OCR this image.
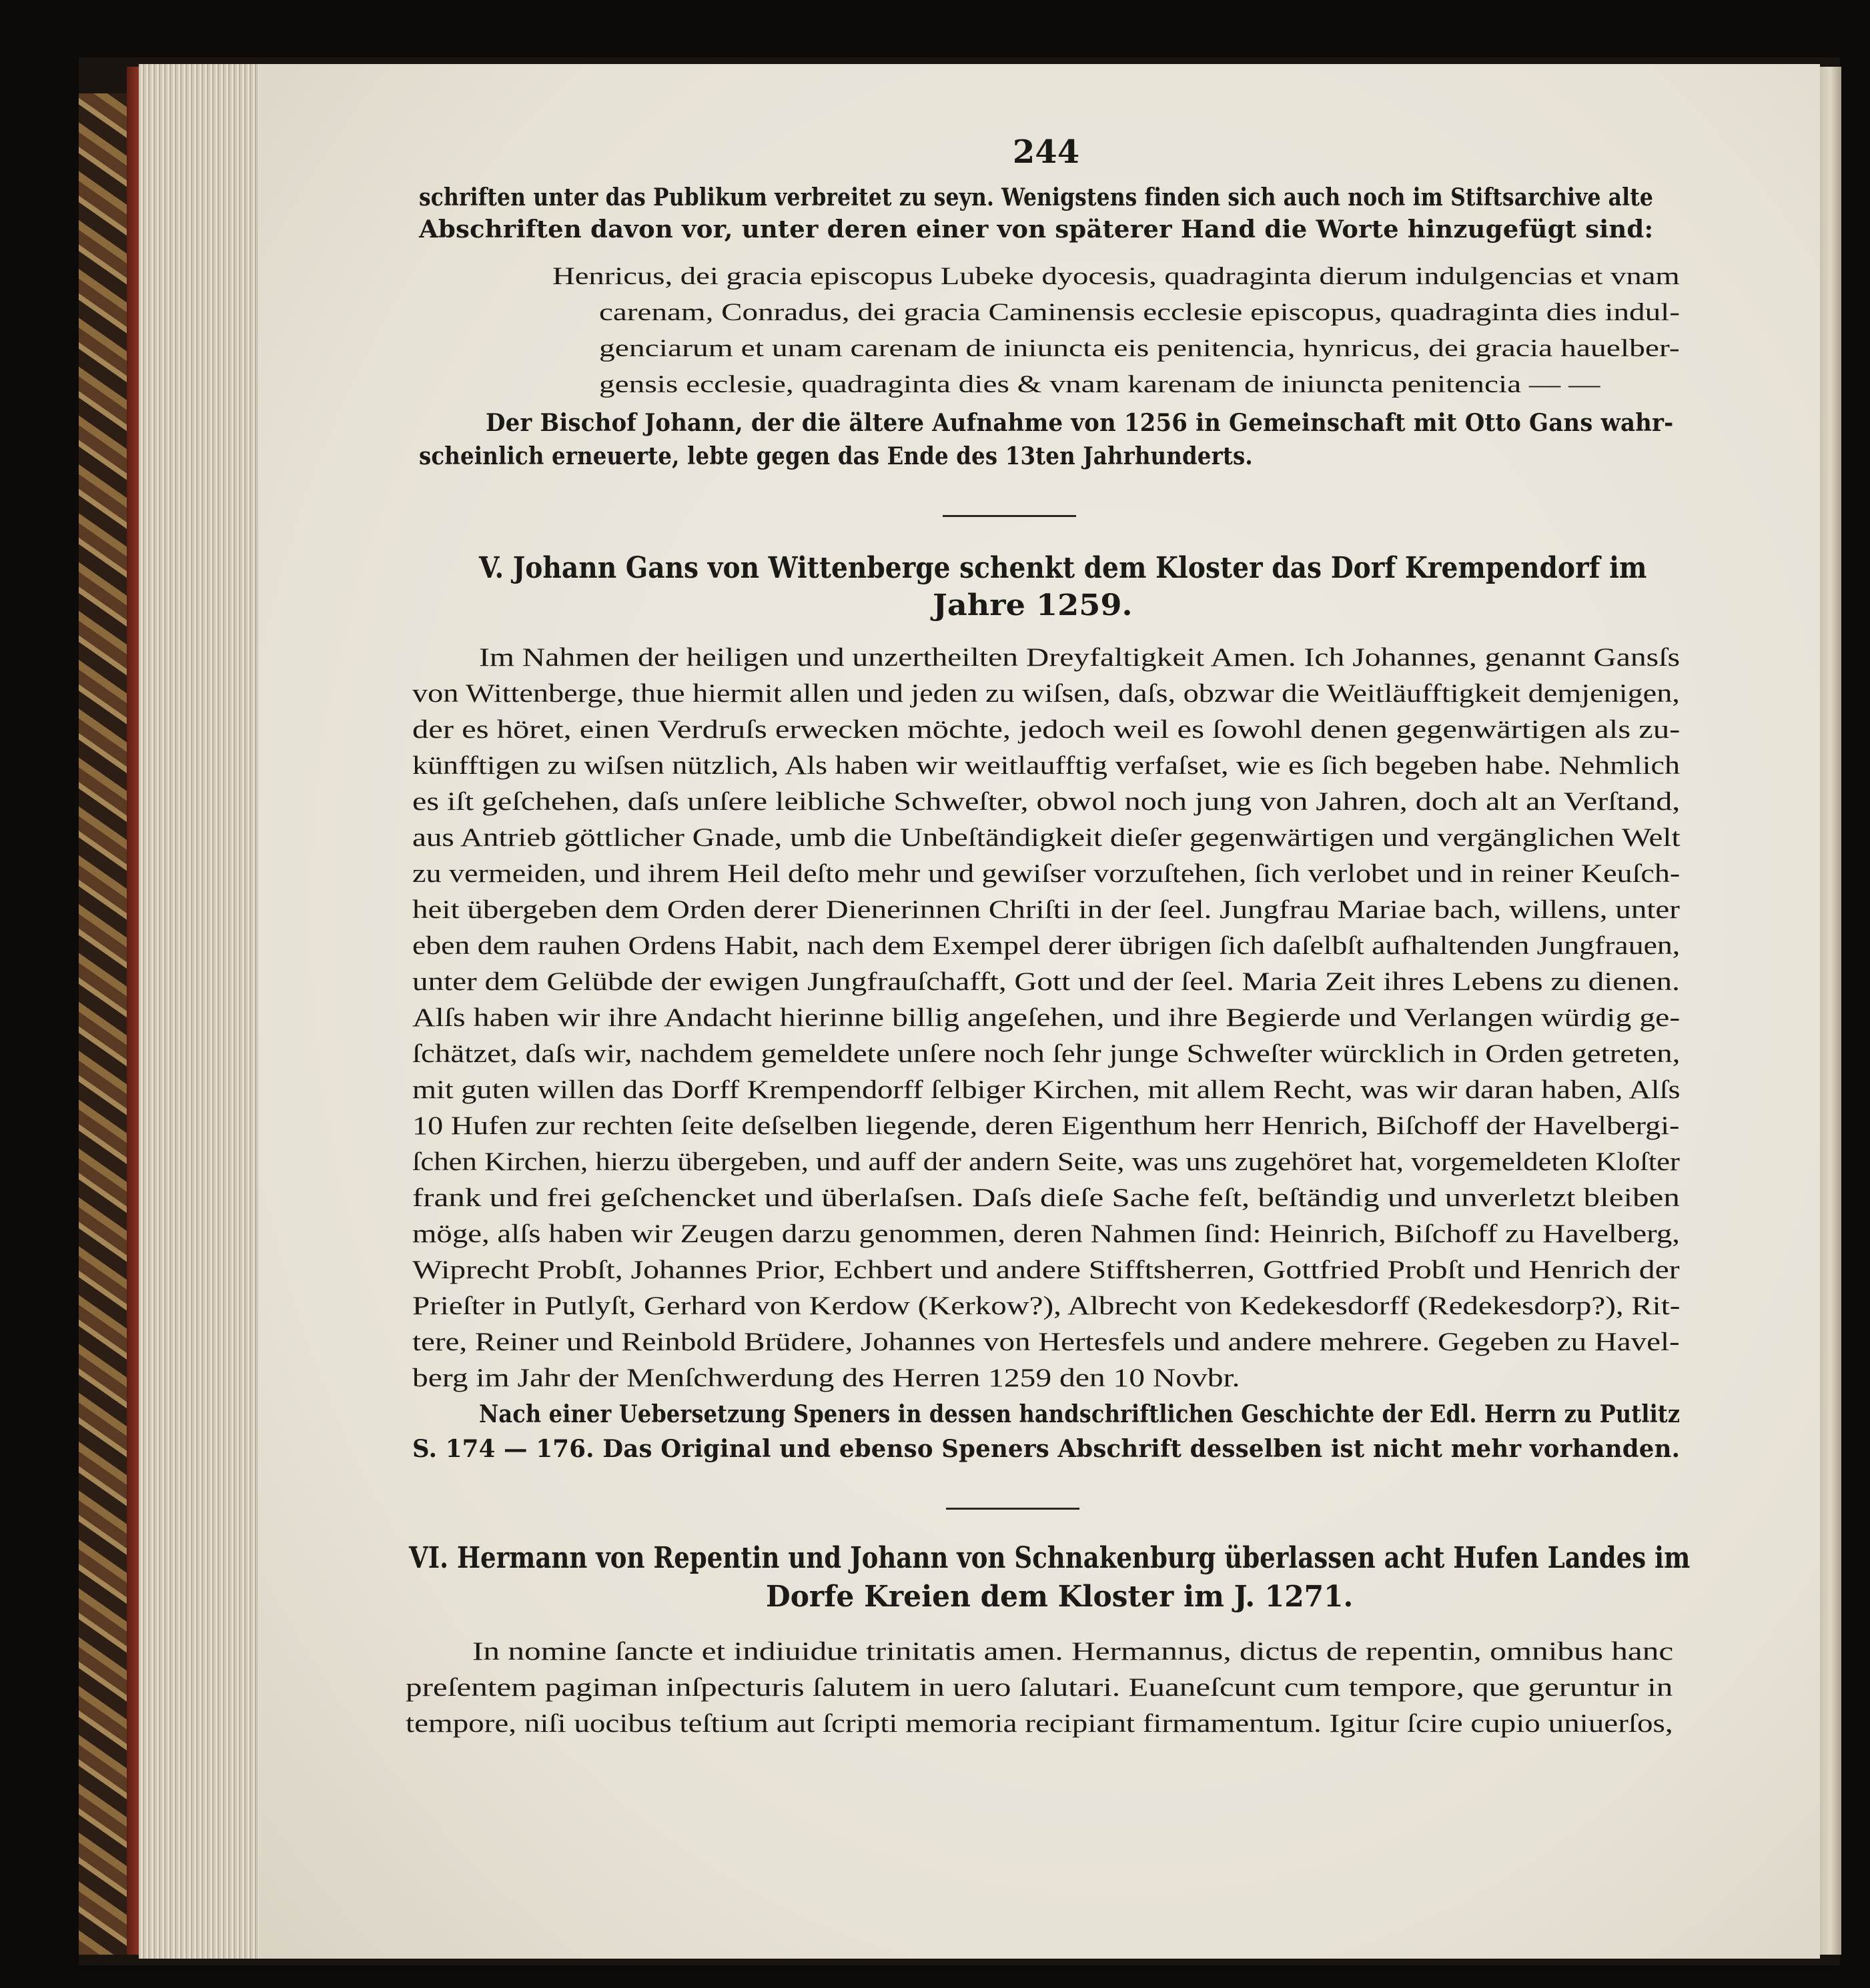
244
schriften unter das Publikum verbreitet zu seyn. Wenigstens finden sich auch noch im Stiftsarchive alte
Abschriften davon vor, unter deren einer von späterer Hand die Worte hinzugefügt sind:
Henricus, dei gracia episcopus Lubeke dyocesis, quadraginta dierum indulgencias et vnam
carenam, Conradus, dei gracia Caminensis ecclesie episcopus, quadraginta dies indul-
genciarum et unam carenam de iniuncta eis penitencia, hynricus, dei gracia hauelber-
gensis ecclesie, quadraginta dies & vnam karenam de iniuncta penitencia — —
Der Bischof Johann, der die ältere Aufnahme von 1256 in Gemeinschaft mit Otto Gans wahr-
scheinlich erneuerte, lebte gegen das Ende des 13ten Jahrhunderts.
V. Johann Gans von Wittenberge schenkt dem Kloster das Dorf Krempendorf im
Jahre 1259.
Im Nahmen der heiligen und unzertheilten Dreyfaltigkeit Amen. Ich Johannes, genannt Gansſs
von Wittenberge, thue hiermit allen und jeden zu wiſsen, daſs, obzwar die Weitläufftigkeit demjenigen,
der es höret, einen Verdruſs erwecken möchte, jedoch weil es ſowohl denen gegenwärtigen als zu-
künfftigen zu wiſsen nützlich, Als haben wir weitlaufftig verfaſset, wie es ſich begeben habe. Nehmlich
es iſt geſchehen, daſs unſere leibliche Schweſter, obwol noch jung von Jahren, doch alt an Verſtand,
aus Antrieb göttlicher Gnade, umb die Unbeſtändigkeit dieſer gegenwärtigen und vergänglichen Welt
zu vermeiden, und ihrem Heil deſto mehr und gewiſser vorzuſtehen, ſich verlobet und in reiner Keuſch-
heit übergeben dem Orden derer Dienerinnen Chriſti in der ſeel. Jungfrau Mariae bach, willens, unter
eben dem rauhen Ordens Habit, nach dem Exempel derer übrigen ſich daſelbſt aufhaltenden Jungfrauen,
unter dem Gelübde der ewigen Jungfrauſchafft, Gott und der ſeel. Maria Zeit ihres Lebens zu dienen.
Alſs haben wir ihre Andacht hierinne billig angeſehen, und ihre Begierde und Verlangen würdig ge-
ſchätzet, daſs wir, nachdem gemeldete unſere noch ſehr junge Schweſter würcklich in Orden getreten,
mit guten willen das Dorff Krempendorff ſelbiger Kirchen, mit allem Recht, was wir daran haben, Alſs
10 Hufen zur rechten ſeite deſselben liegende, deren Eigenthum herr Henrich, Biſchoff der Havelbergi-
ſchen Kirchen, hierzu übergeben, und auff der andern Seite, was uns zugehöret hat, vorgemeldeten Kloſter
frank und frei geſchencket und überlaſsen. Daſs dieſe Sache feſt, beſtändig und unverletzt bleiben
möge, alſs haben wir Zeugen darzu genommen, deren Nahmen ſind: Heinrich, Biſchoff zu Havelberg,
Wiprecht Probſt, Johannes Prior, Echbert und andere Stifftsherren, Gottfried Probſt und Henrich der
Prieſter in Putlyſt, Gerhard von Kerdow (Kerkow?), Albrecht von Kedekesdorff (Redekesdorp?), Rit-
tere, Reiner und Reinbold Brüdere, Johannes von Hertesfels und andere mehrere. Gegeben zu Havel-
berg im Jahr der Menſchwerdung des Herren 1259 den 10 Novbr.
Nach einer Uebersetzung Speners in dessen handschriftlichen Geschichte der Edl. Herrn zu Putlitz
S. 174 — 176. Das Original und ebenso Speners Abschrift desselben ist nicht mehr vorhanden.
VI. Hermann von Repentin und Johann von Schnakenburg überlassen acht Hufen Landes im
Dorfe Kreien dem Kloster im J. 1271.
In nomine ſancte et indiuidue trinitatis amen. Hermannus, dictus de repentin, omnibus hanc
preſentem pagiman inſpecturis ſalutem in uero ſalutari. Euaneſcunt cum tempore, que geruntur in
tempore, niſi uocibus teſtium aut ſcripti memoria recipiant firmamentum. Igitur ſcire cupio uniuerſos,
